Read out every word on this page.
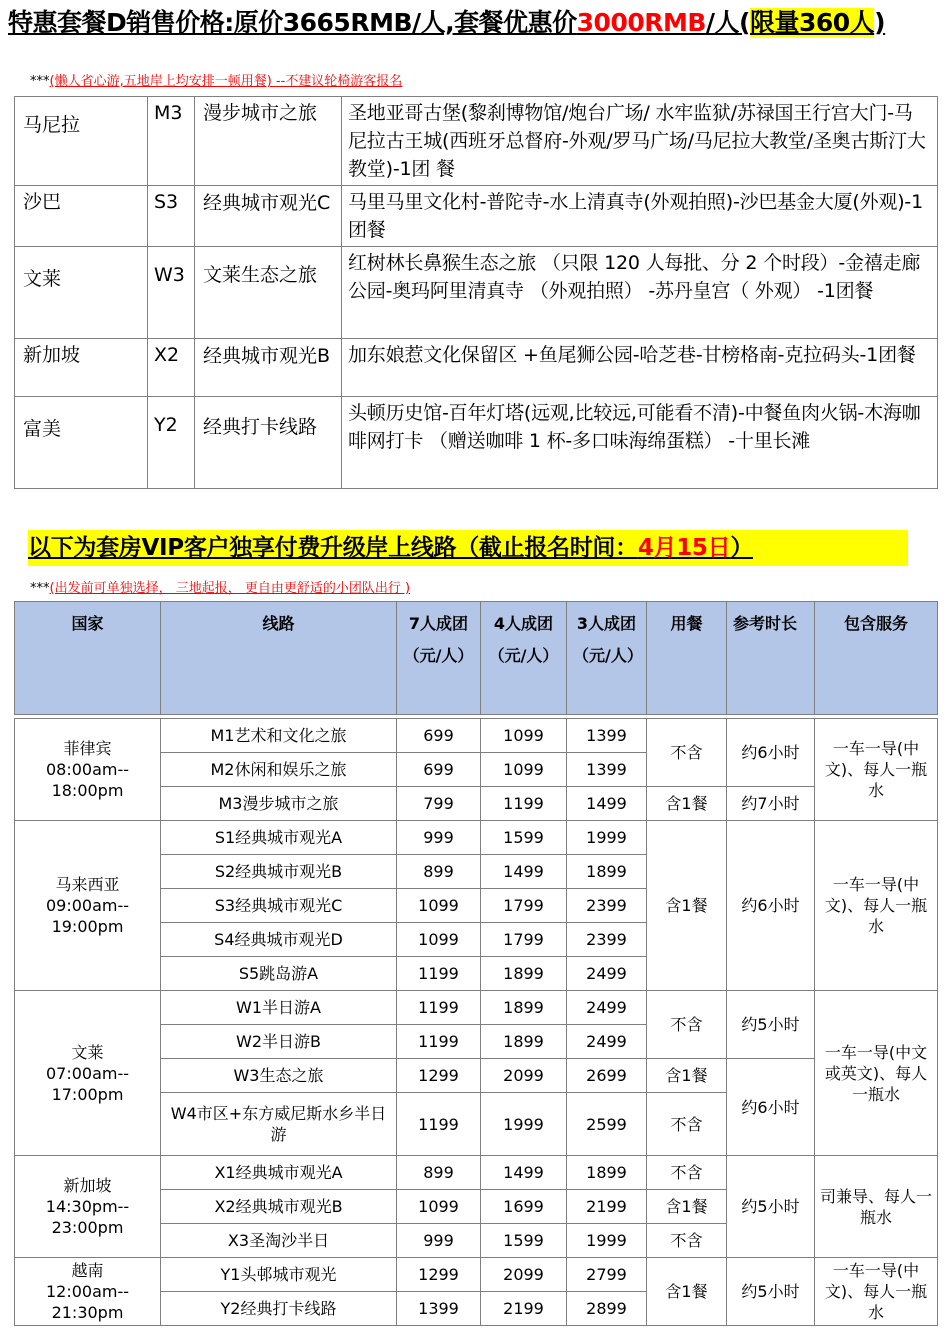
特惠套餐D销售价格:原价3665RMB/人,套餐优惠价3000RMB/人(限量360人)
***(懒人省心游,五地岸上均安排一顿用餐) --不建议轮椅游客报名
马尼拉	M3	漫步城市之旅	圣地亚哥古堡(黎刹博物馆/炮台广场/ 水牢监狱/苏禄国王行宫大门-马尼拉古王城(西班牙总督府-外观/罗马广场/马尼拉大教堂/圣奥古斯汀大教堂)-1团 餐
沙巴	S3	经典城市观光C	马里马里文化村-普陀寺-水上清真寺(外观拍照)-沙巴基金大厦(外观)-1团餐
文莱	W3	文莱生态之旅	红树林长鼻猴生态之旅 （只限 120 人每批、分 2 个时段）-金禧走廊公园-奥玛阿里清真寺 （外观拍照） -苏丹皇宫（ 外观） -1团餐
新加坡	X2	经典城市观光B	加东娘惹文化保留区 +鱼尾狮公园-哈芝巷-甘榜格南-克拉码头-1团餐
富美	Y2	经典打卡线路	头顿历史馆-百年灯塔(远观,比较远,可能看不清)-中餐鱼肉火锅-木海咖啡网打卡 （赠送咖啡 1 杯-多口味海绵蛋糕） -十里长滩
以下为套房VIP客户独享付费升级岸上线路（截止报名时间：4月15日）
***(出发前可单独选择， 三地起报， 更自由更舒适的小团队出行 )
国家	线路	7人成团（元/人）	4人成团（元/人）	3人成团（元/人）	用餐	参考时长	包含服务

菲律宾
08:00am--
18:00pm	M1艺术和文化之旅	699	1099	1399	不含	约6小时	一车一导(中文)、每人一瓶水
	M2休闲和娱乐之旅	699	1099	1399			
	M3漫步城市之旅	799	1199	1499	含1餐	约7小时	

马来西亚
09:00am--
19:00pm	S1经典城市观光A	999	1599	1999	含1餐	约6小时	一车一导(中文)、每人一瓶水
	S2经典城市观光B	899	1499	1899			
	S3经典城市观光C	1099	1799	2399			
	S4经典城市观光D	1099	1799	2399			
	S5跳岛游A	1199	1899	2499			

文莱
07:00am--
17:00pm	W1半日游A	1199	1899	2499	不含	约5小时	一车一导(中文或英文)、每人一瓶水
	W2半日游B	1199	1899	2499			
	W3生态之旅	1299	2099	2699	含1餐	约6小时	
	W4市区+东方威尼斯水乡半日游	1199	1999	2599	不含		

新加坡
14:30pm--
23:00pm	X1经典城市观光A	899	1499	1899	不含	约5小时	司兼导、每人一瓶水
	X2经典城市观光B	1099	1699	2199	含1餐		
	X3圣淘沙半日	999	1599	1999	不含		

越南
12:00am--
21:30pm	Y1头邨城市观光	1299	2099	2799	含1餐	约5小时	一车一导(中文)、每人一瓶水
	Y2经典打卡线路	1399	2199	2899			
